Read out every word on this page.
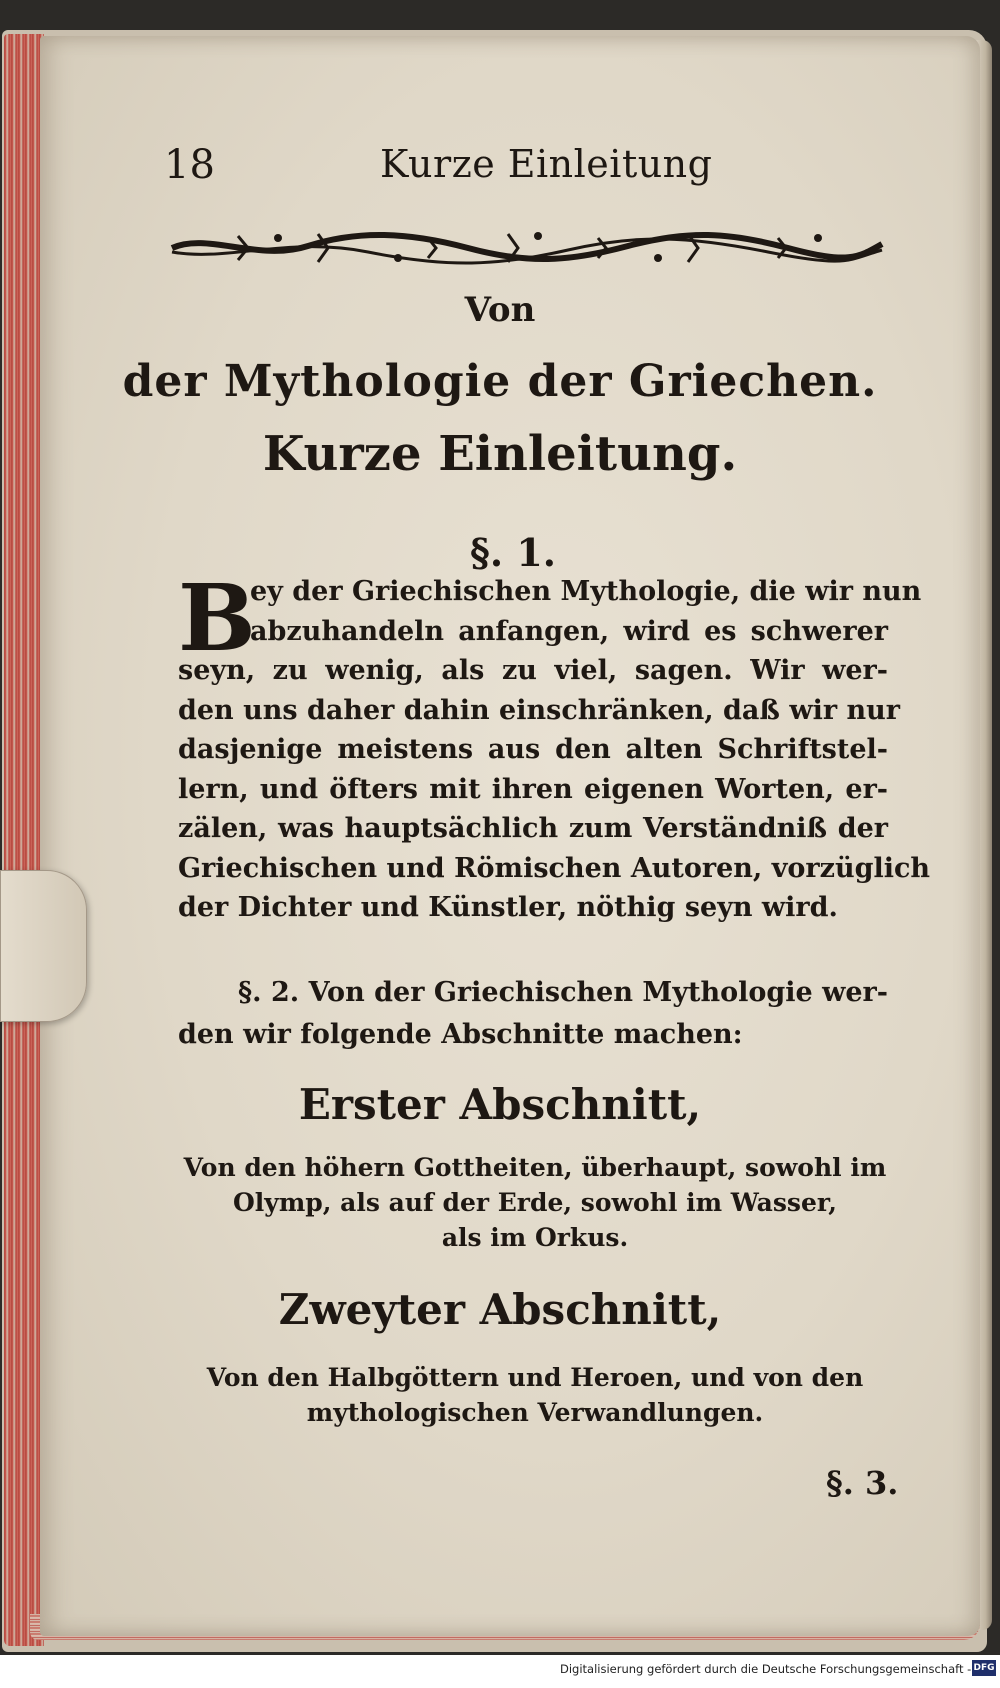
18	Kurze Einleitung
Von
der Mythologie der Griechen.
Kurze Einleitung.
§. 1.
B
ey der Griechischen Mythologie, die wir nun
abzuhandeln anfangen, wird es schwerer
seyn, zu wenig, als zu viel, sagen. Wir wer-
den uns daher dahin einschränken, daß wir nur
dasjenige meistens aus den alten Schriftstel-
lern, und öfters mit ihren eigenen Worten, er-
zälen, was hauptsächlich zum Verständniß der
Griechischen und Römischen Autoren, vorzüglich
der Dichter und Künstler, nöthig seyn wird.
§. 2. Von der Griechischen Mythologie wer-
den wir folgende Abschnitte machen:
Erster Abschnitt,
Von den höhern Gottheiten, überhaupt, sowohl im
Olymp, als auf der Erde, sowohl im Wasser,
als im Orkus.
Zweyter Abschnitt,
Von den Halbgöttern und Heroen, und von den
mythologischen Verwandlungen.
§. 3.
Digitalisierung gefördert durch die Deutsche Forschungsgemeinschaft - DFG
